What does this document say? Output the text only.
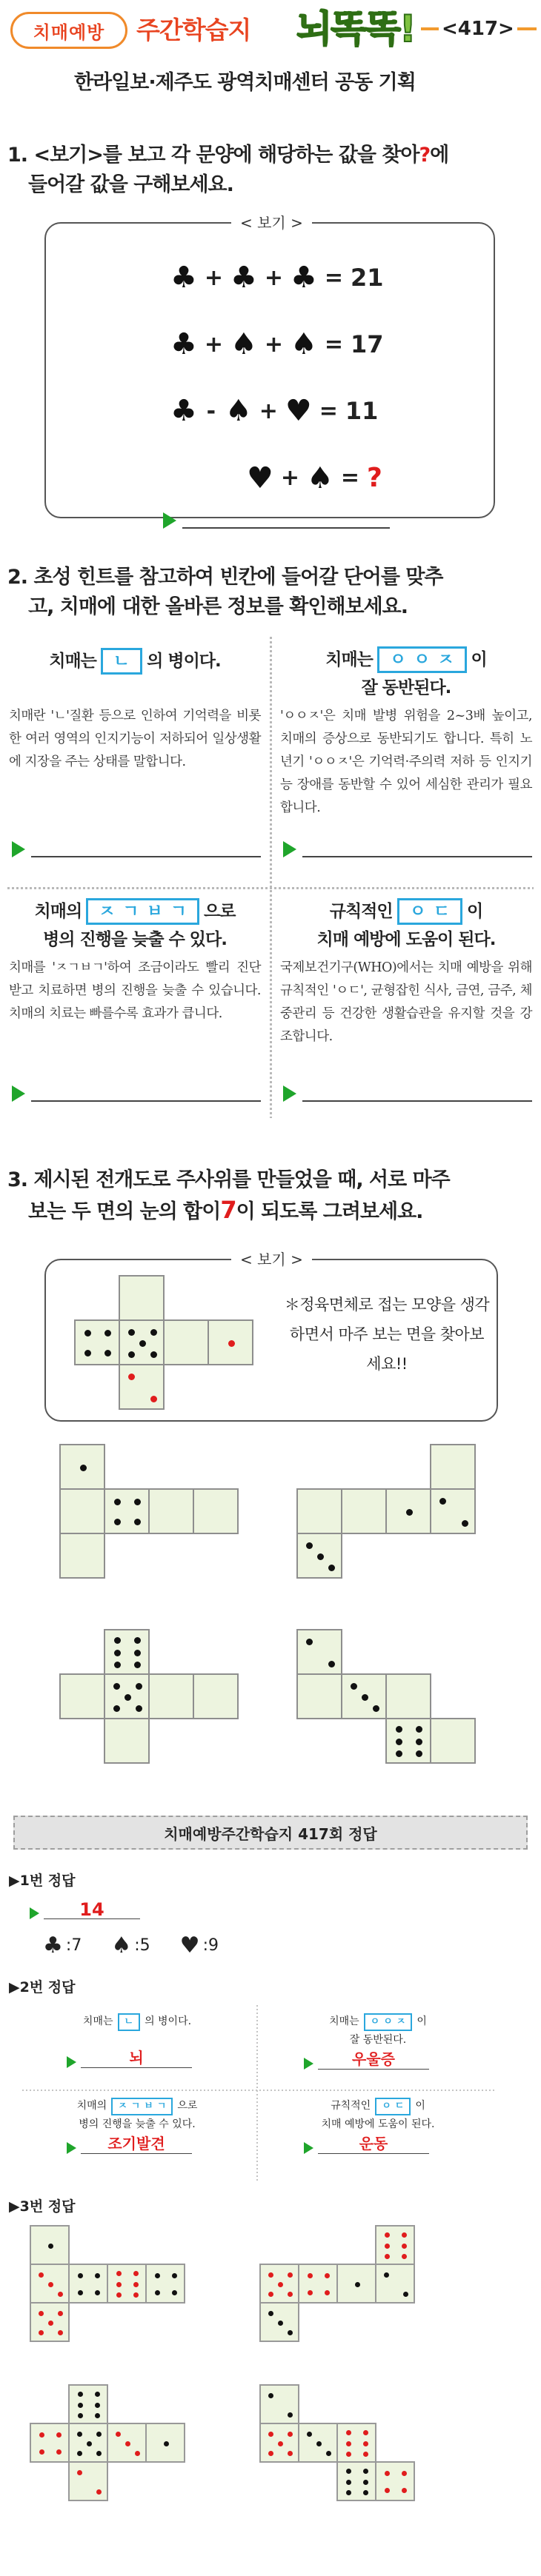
치매예방 주간학습지 뇌똑똑! <417>
한라일보·제주도 광역치매센터 공동 기획
1. <보기>를 보고 각 문양에 해당하는 값을 찾아?에
들어갈 값을 구해보세요.
< 보기 >
♣ + ♣ + ♣ = 21
♣ + ♠ + ♠ = 17
♣ - ♠ + ♥ = 11
♥ + ♠ = ?
2. 초성 힌트를 참고하여 빈칸에 들어갈 단어를 맞추
고, 치매에 대한 올바른 정보를 확인해보세요.
치매는 ㄴ 의 병이다.
치매란 'ㄴ'질환 등으로 인하여 기억력을 비롯한 여러 영역의 인지기능이 저하되어 일상생활에 지장을 주는 상태를 말합니다.
치매는 ㅇㅇㅈ 이
잘 동반된다.
'ㅇㅇㅈ'은 치매 발병 위험을 2~3배 높이고, 치매의 증상으로 동반되기도 합니다. 특히 노년기 'ㅇㅇㅈ'은 기억력·주의력 저하 등 인지기능 장애를 동반할 수 있어 세심한 관리가 필요합니다.
치매의 ㅈㄱㅂㄱ 으로
병의 진행을 늦출 수 있다.
치매를 'ㅈㄱㅂㄱ'하여 조금이라도 빨리 진단받고 치료하면 병의 진행을 늦출 수 있습니다. 치매의 치료는 빠를수록 효과가 큽니다.
규칙적인 ㅇㄷ 이
치매 예방에 도움이 된다.
국제보건기구(WHO)에서는 치매 예방을 위해 규칙적인 'ㅇㄷ', 균형잡힌 식사, 금연, 금주, 체중관리 등 건강한 생활습관을 유지할 것을 강조합니다.
3. 제시된 전개도로 주사위를 만들었을 때, 서로 마주
보는 두 면의 눈의 합이7이 되도록 그려보세요.
< 보기 >
＊정육면체로 접는 모양을 생각하면서 마주 보는 면을 찾아보세요!!
치매예방주간학습지 417회 정답
▶1번 정답
14
♣ :7 ♠ :5 ♥ :9
▶2번 정답
치매는 ㄴ 의 병이다.
뇌
치매는 ㅇㅇㅈ 이
잘 동반된다.
우울증
치매의 ㅈㄱㅂㄱ 으로
병의 진행을 늦출 수 있다.
조기발견
규칙적인 ㅇㄷ 이
치매 예방에 도움이 된다.
운동
▶3번 정답
